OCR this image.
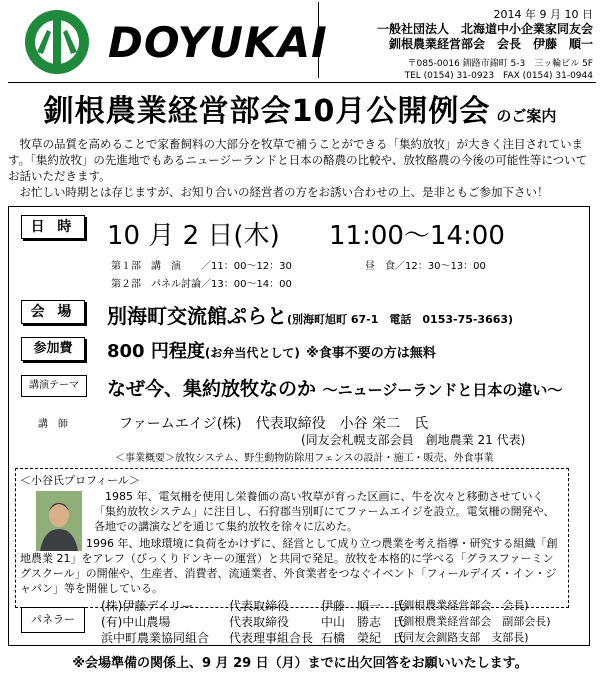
DOYUKAI
2014 年 9 月 10 日
一般社団法人　北海道中小企業家同友会
釧根農業経営部会　会長　伊藤　順一
〒085-0016 釧路市錦町 5-3　三ッ輪ビル 5F
TEL (0154) 31-0923　FAX (0154) 31-0944
釧根農業経営部会10月公開例会 のご案内

牧草の品質を高めることで家畜飼料の大部分を牧草で補うことができる「集約放牧」が大きく注目されています。「集約放牧」の先進地でもあるニュージーランドと日本の酪農の比較や、放牧酪農の今後の可能性等についてお話いただきます。

お忙しい時期とは存じますが、お知り合いの経営者の方をお誘い合わせの上、是非ともご参加下さい！

日 時	10 月 2 日(木) 11:00〜14:00
第１部　講　演　　／11：00〜12：30	昼　食／12：30〜13：00
第２部　パネル討論／13：00〜14：00
会 場	別海町交流館ぷらと(別海町旭町 67-1　電話　0153-75-3663)
参加費	800 円程度(お弁当代として) ※食事不要の方は無料
講演テーマ	なぜ今、集約放牧なのか 〜ニュージーランドと日本の違い〜
講　師	ファームエイジ(株)　代表取締役　小谷 栄二　氏
(同友会札幌支部会員　創地農業 21 代表)
＜事業概要＞放牧システム、野生動物防除用フェンスの設計・施工・販売、外食事業
＜小谷氏プロフィール＞

1985 年、電気柵を使用し栄養価の高い牧草が育った区画に、牛を次々と移動させていく「集約放牧システム」に注目し、石狩郡当別町にてファームエイジを設立。電気柵の開発や、各地での講演などを通じて集約放牧を徐々に広めた。

1996 年、地球環境に負荷をかけずに、経営として成り立つ農業を考え指導・研究する組織「創地農業 21」をアレフ（びっくりドンキーの運営）と共同で発足。放牧を本格的に学べる「グラスファーミングスクール」の開催や、生産者、消費者、流通業者、外食業者をつなぐイベント「フィールデイズ・イン・ジャパン」等を開催している。

パネラー
(株)伊藤デイリー	代表取締役	伊藤　順一　氏
(釧根農業経営部会　会長)
(有)中山農場	代表取締役	中山　勝志　氏
(釧根農業経営部会　副部会長)
浜中町農業協同組合 代表理事組合長 石橋　榮紀　氏
(同友会釧路支部　支部長)
※会場準備の関係上、9 月 29 日（月）までに出欠回答をお願いいたします。
